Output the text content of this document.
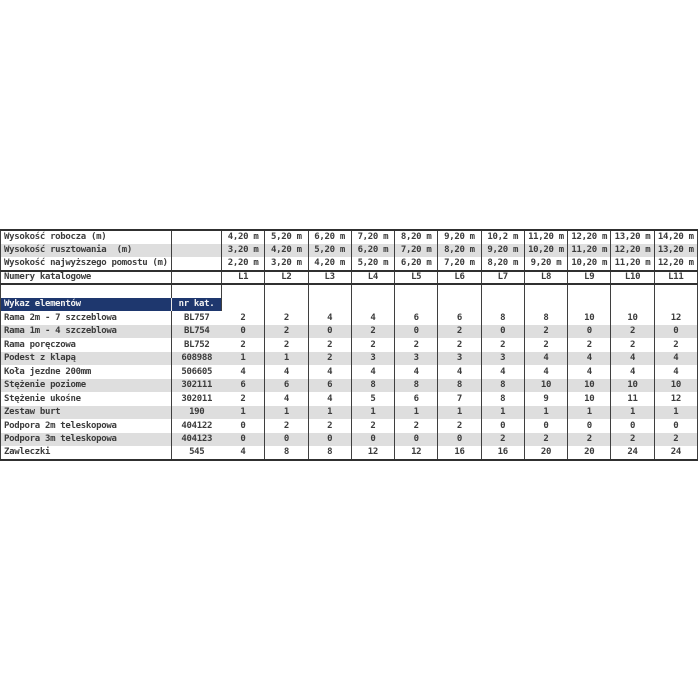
Wysokość robocza (m)		4,20 m	5,20 m	6,20 m	7,20 m	8,20 m	9,20 m	10,2 m	11,20 m	12,20 m	13,20 m	14,20 m
Wysokość rusztowania  (m)		3,20 m	4,20 m	5,20 m	6,20 m	7,20 m	8,20 m	9,20 m	10,20 m	11,20 m	12,20 m	13,20 m
Wysokość najwyższego pomostu (m)		2,20 m	3,20 m	4,20 m	5,20 m	6,20 m	7,20 m	8,20 m	9,20 m	10,20 m	11,20 m	12,20 m
Numery katalogowe		L1	L2	L3	L4	L5	L6	L7	L8	L9	L10	L11

Wykaz elementów	nr kat.											
Rama 2m - 7 szczeblowa	BL757	2	2	4	4	6	6	8	8	10	10	12
Rama 1m - 4 szczeblowa	BL754	0	2	0	2	0	2	0	2	0	2	0
Rama poręczowa	BL752	2	2	2	2	2	2	2	2	2	2	2
Podest z klapą	608988	1	1	2	3	3	3	3	4	4	4	4
Koła jezdne 200mm	506605	4	4	4	4	4	4	4	4	4	4	4
Stężenie poziome	302111	6	6	6	8	8	8	8	10	10	10	10
Stężenie ukośne	302011	2	4	4	5	6	7	8	9	10	11	12
Zestaw burt	190	1	1	1	1	1	1	1	1	1	1	1
Podpora 2m teleskopowa	404122	0	2	2	2	2	2	0	0	0	0	0
Podpora 3m teleskopowa	404123	0	0	0	0	0	0	2	2	2	2	2
Zawleczki	545	4	8	8	12	12	16	16	20	20	24	24
